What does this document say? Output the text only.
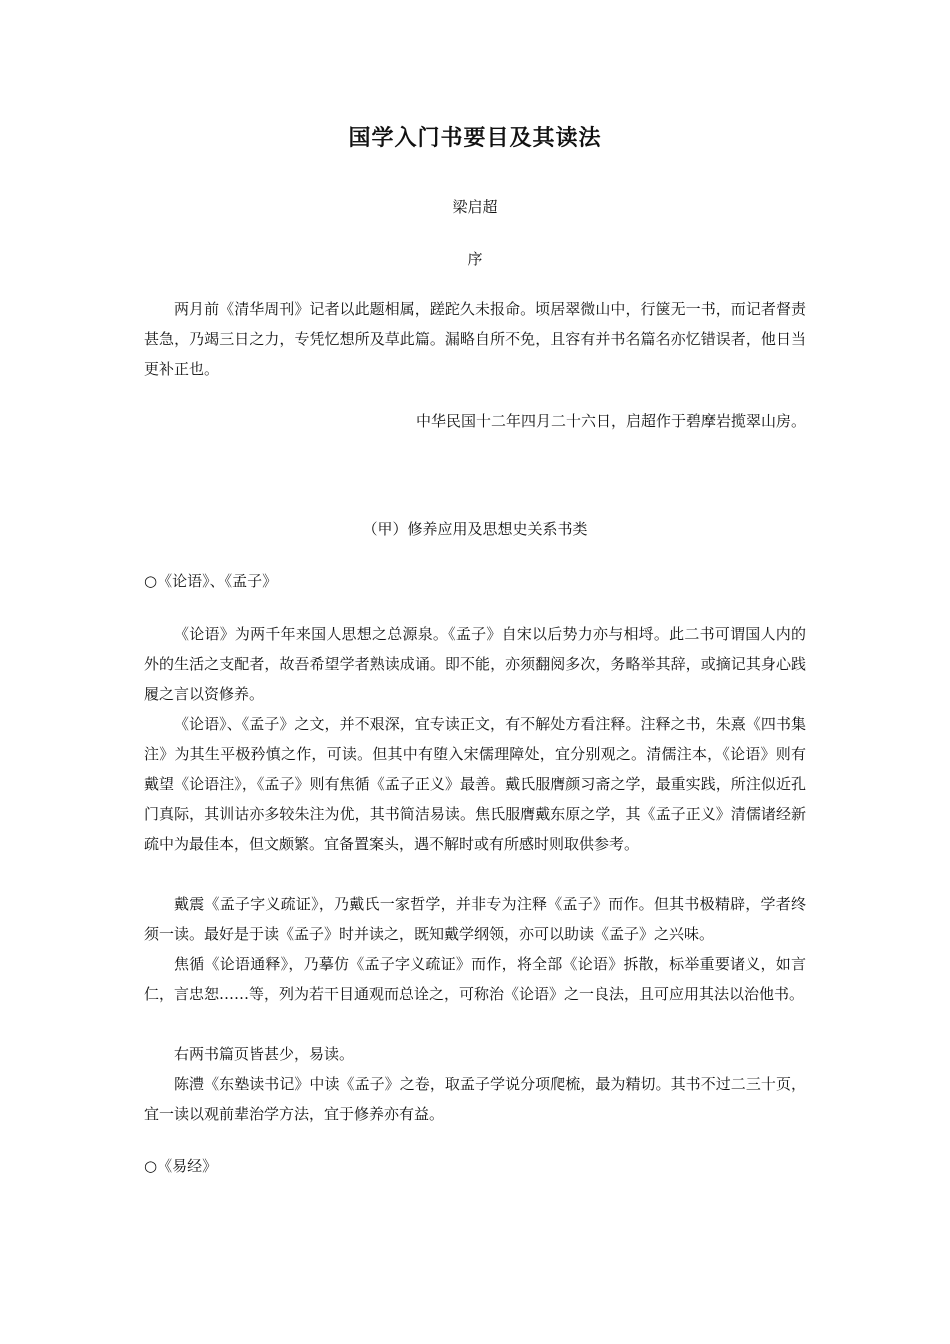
国学入门书要目及其读法
梁启超
序

两月前《清华周刊》记者以此题相属，蹉跎久未报命。顷居翠微山中，行箧无一书，而记者督责甚急，乃竭三日之力，专凭忆想所及草此篇。漏略自所不免，且容有并书名篇名亦忆错误者，他日当更补正也。

中华民国十二年四月二十六日，启超作于碧摩岩揽翠山房。
（甲）修养应用及思想史关系书类
○《论语》、《孟子》

《论语》为两千年来国人思想之总源泉。《孟子》自宋以后势力亦与相埒。此二书可谓国人内的外的生活之支配者，故吾希望学者熟读成诵。即不能，亦须翻阅多次，务略举其辞，或摘记其身心践履之言以资修养。

《论语》、《孟子》之文，并不艰深，宜专读正文，有不解处方看注释。注释之书，朱熹《四书集注》为其生平极矜慎之作，可读。但其中有堕入宋儒理障处，宜分别观之。清儒注本，《论语》则有戴望《论语注》，《孟子》则有焦循《孟子正义》最善。戴氏服膺颜习斋之学，最重实践，所注似近孔门真际，其训诂亦多较朱注为优，其书简洁易读。焦氏服膺戴东原之学，其《孟子正义》清儒诸经新疏中为最佳本，但文颇繁。宜备置案头，遇不解时或有所感时则取供参考。

戴震《孟子字义疏证》，乃戴氏一家哲学，并非专为注释《孟子》而作。但其书极精辟，学者终须一读。最好是于读《孟子》时并读之，既知戴学纲领，亦可以助读《孟子》之兴味。

焦循《论语通释》，乃摹仿《孟子字义疏证》而作，将全部《论语》拆散，标举重要诸义，如言仁，言忠恕……等，列为若干目通观而总诠之，可称治《论语》之一良法，且可应用其法以治他书。

右两书篇页皆甚少，易读。

陈澧《东塾读书记》中读《孟子》之卷，取孟子学说分项爬梳，最为精切。其书不过二三十页，宜一读以观前辈治学方法，宜于修养亦有益。

○《易经》
